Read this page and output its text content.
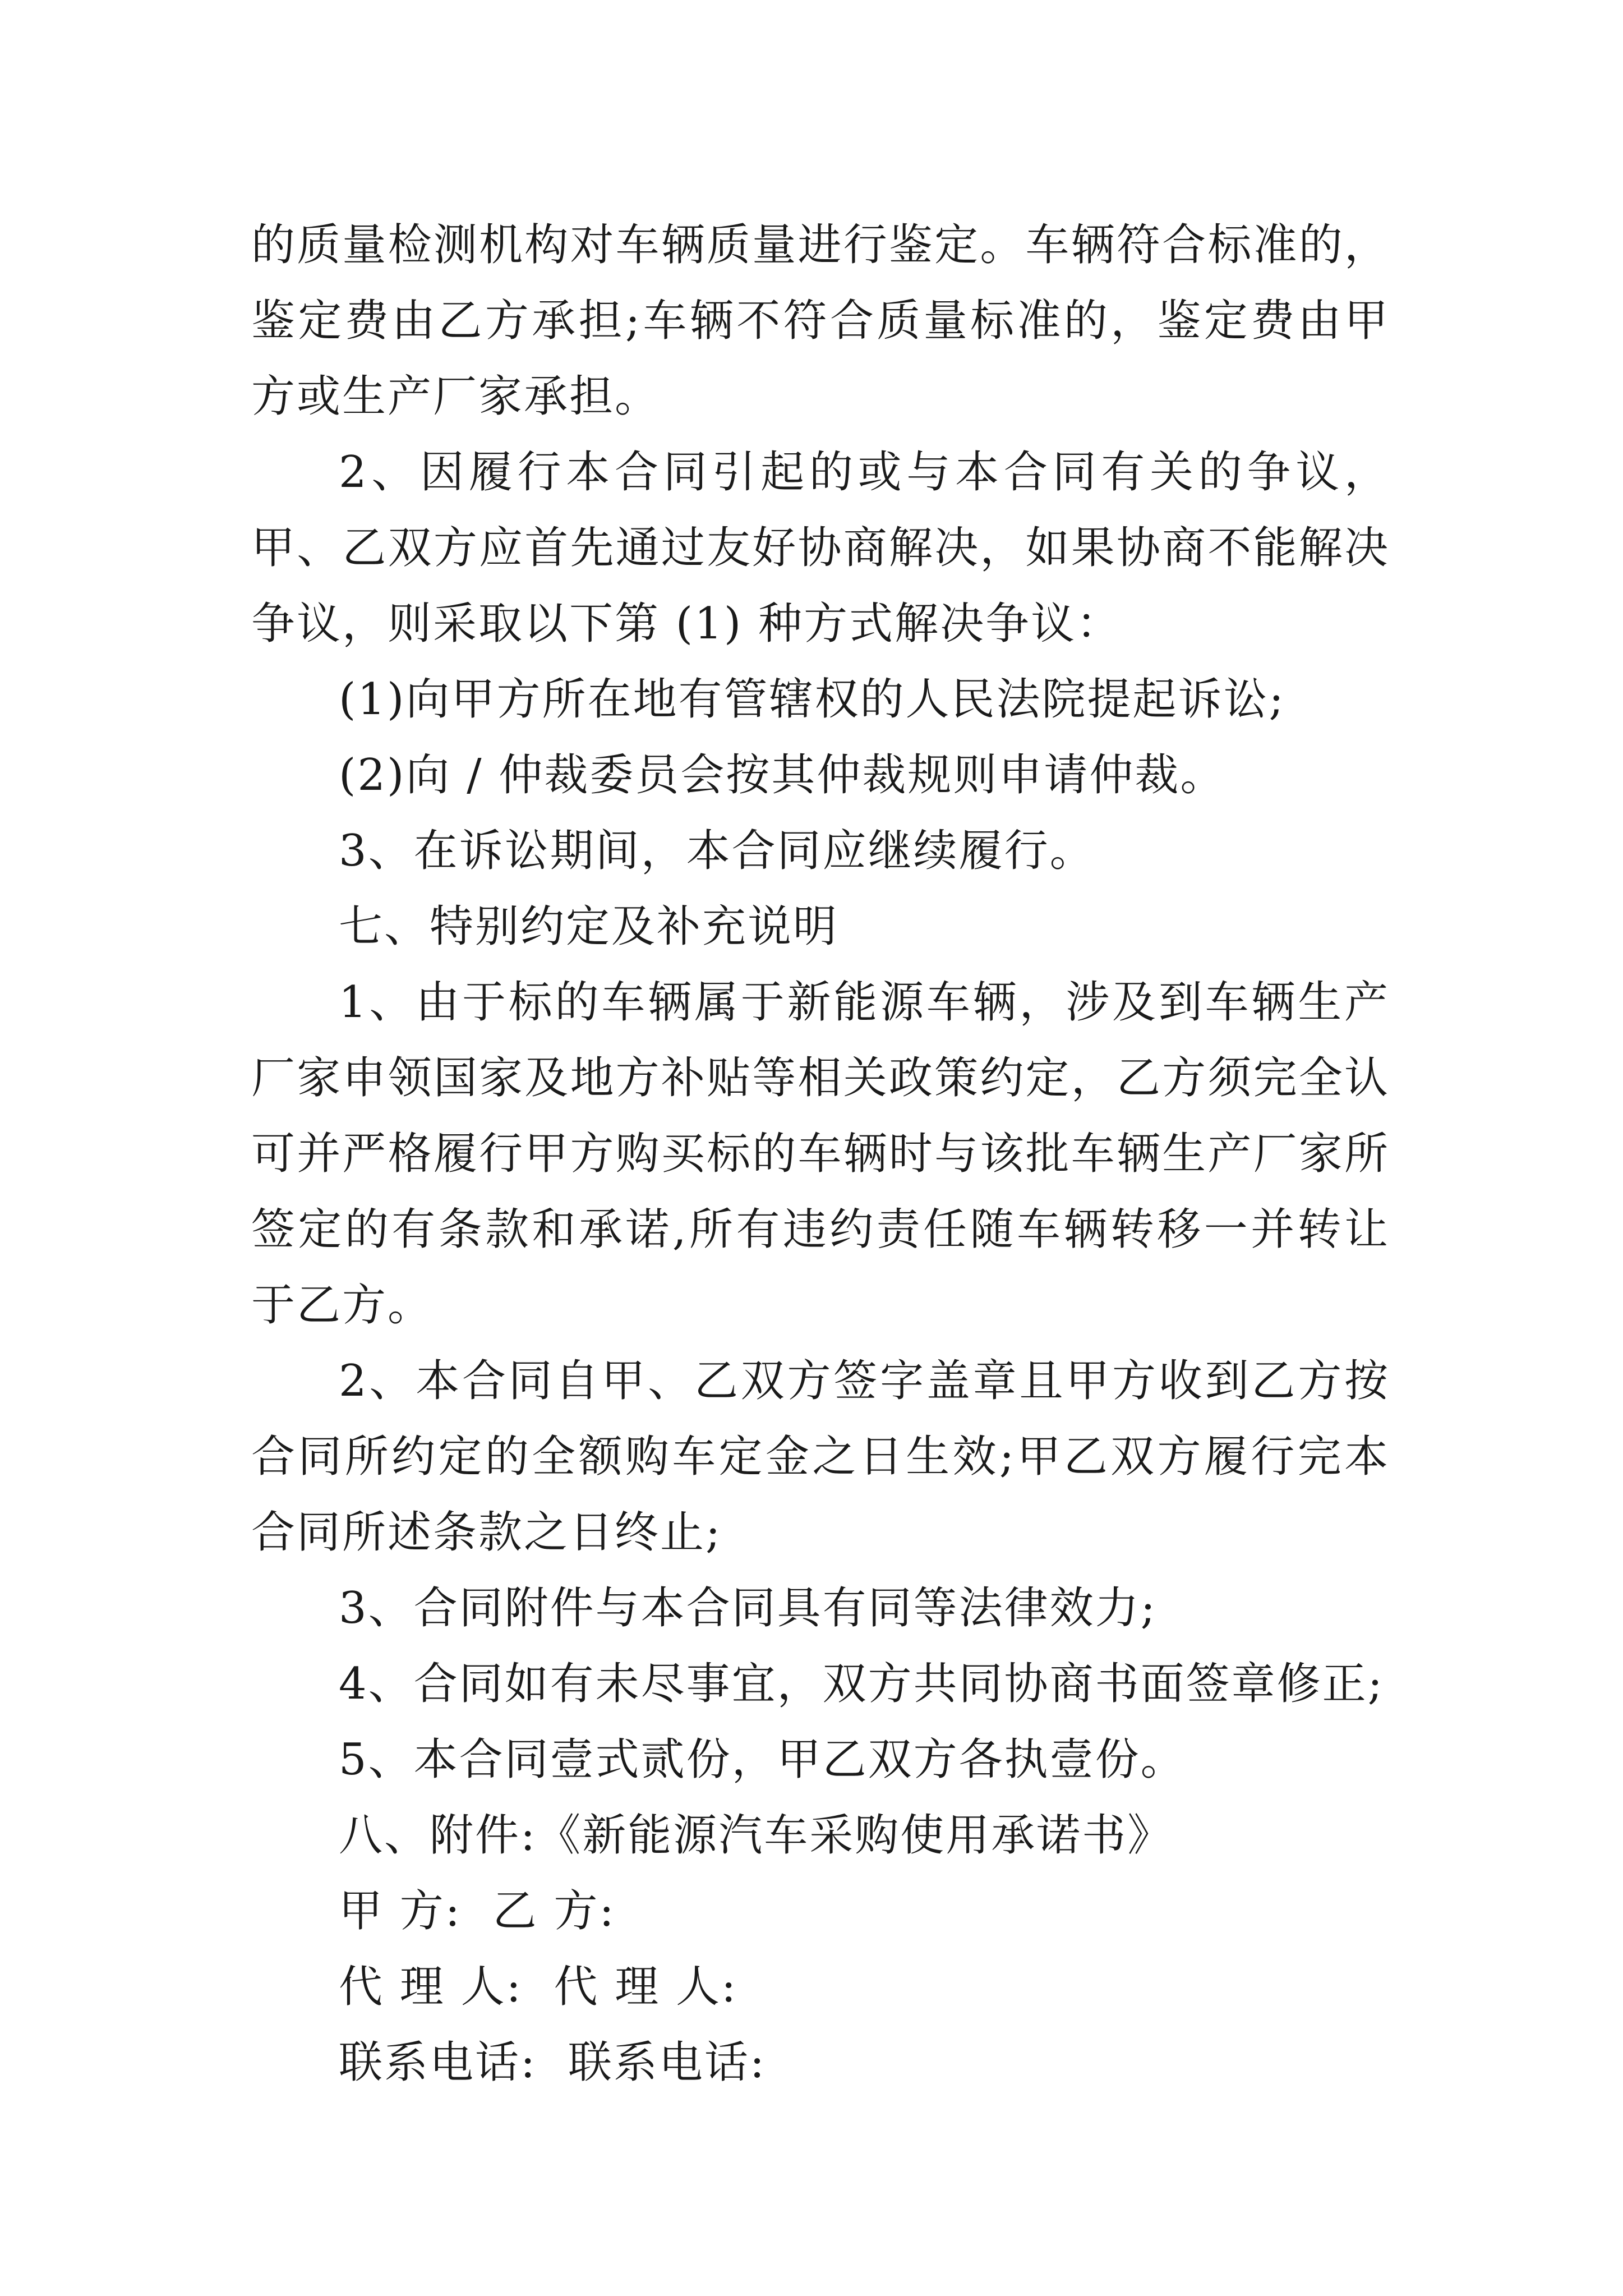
的质量检测机构对车辆质量进行鉴定。车辆符合标准的，鉴定费由乙方承担;车辆不符合质量标准的，鉴定费由甲方或生产厂家承担。

2、因履行本合同引起的或与本合同有关的争议，甲、乙双方应首先通过友好协商解决，如果协商不能解决争议，则采取以下第 (1) 种方式解决争议：

(1)向甲方所在地有管辖权的人民法院提起诉讼;

(2)向 / 仲裁委员会按其仲裁规则申请仲裁。

3、在诉讼期间，本合同应继续履行。

七、特别约定及补充说明

1、由于标的车辆属于新能源车辆，涉及到车辆生产厂家申领国家及地方补贴等相关政策约定，乙方须完全认可并严格履行甲方购买标的车辆时与该批车辆生产厂家所签定的有条款和承诺,所有违约责任随车辆转移一并转让于乙方。

2、本合同自甲、乙双方签字盖章且甲方收到乙方按合同所约定的全额购车定金之日生效;甲乙双方履行完本合同所述条款之日终止;

3、合同附件与本合同具有同等法律效力;

4、合同如有未尽事宜，双方共同协商书面签章修正;

5、本合同壹式贰份，甲乙双方各执壹份。

八、附件:《新能源汽车采购使用承诺书》

甲 方:  乙 方:

代 理 人:  代 理 人:

联系电话:  联系电话:
